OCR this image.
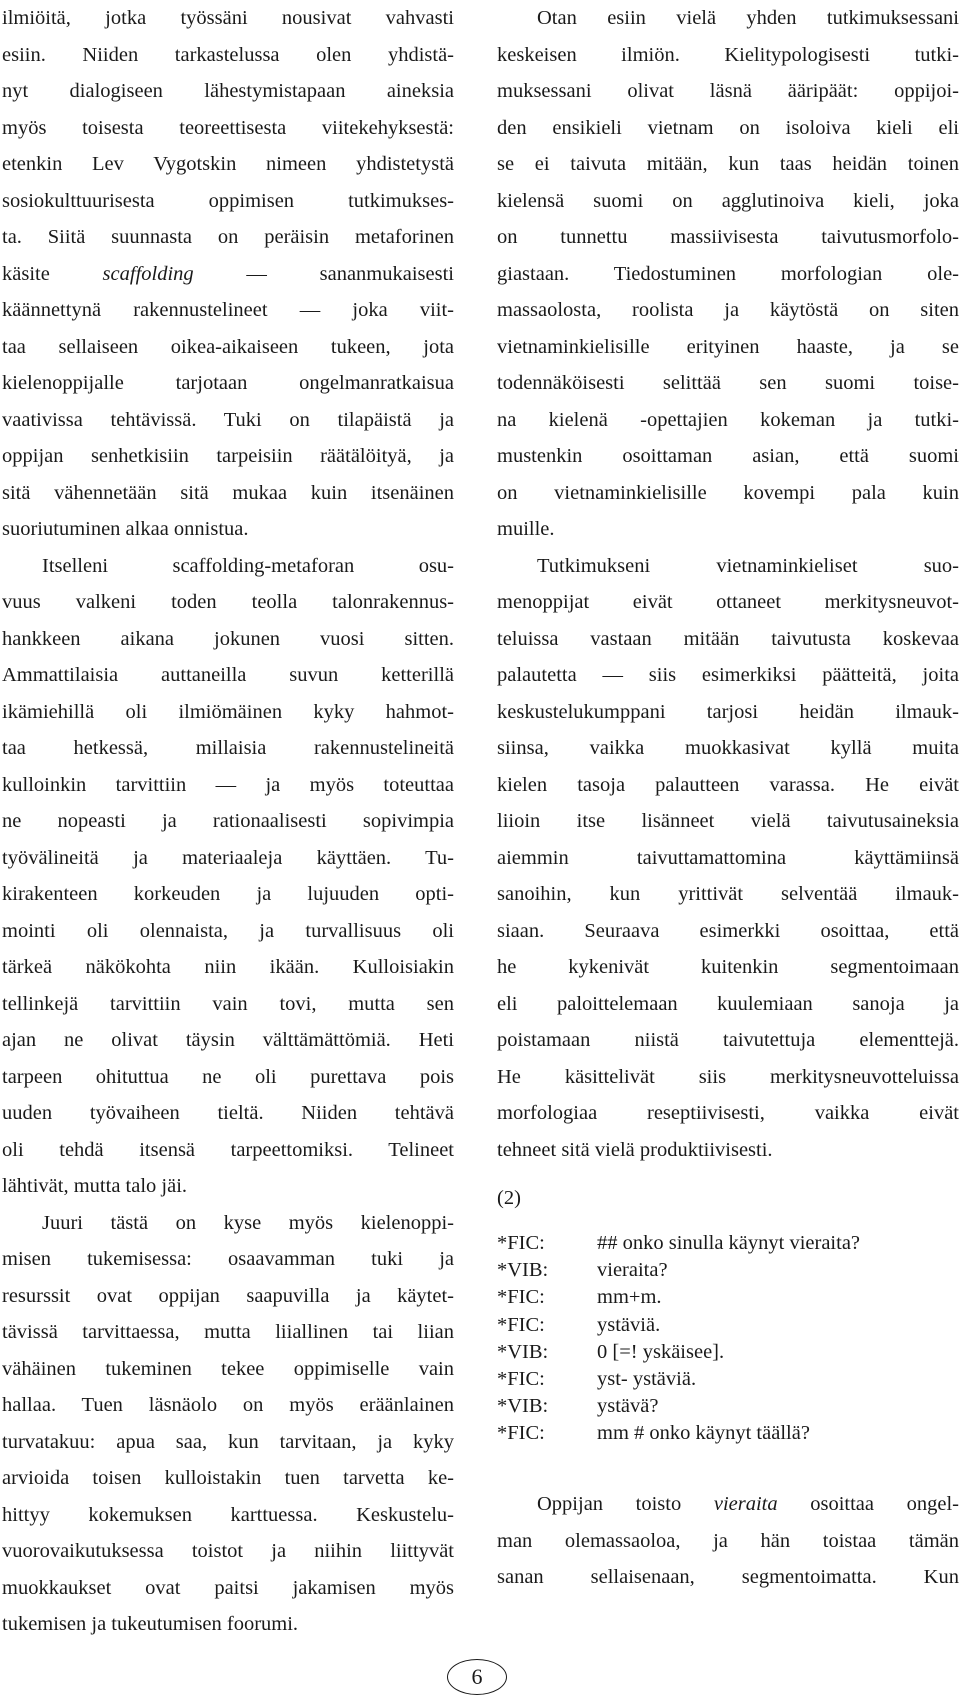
ilmiöitä, jotka työssäni nousivat vahvasti
esiin. Niiden tarkastelussa olen yhdistä-
nyt dialogiseen lähestymistapaan aineksia
myös toisesta teoreettisesta viitekehyksestä:
etenkin Lev Vygotskin nimeen yhdistetystä
sosiokulttuurisesta oppimisen tutkimukses-
ta. Siitä suunnasta on peräisin metaforinen
käsite scaffolding — sananmukaisesti
käännettynä rakennustelineet — joka viit-
taa sellaiseen oikea-aikaiseen tukeen, jota
kielenoppijalle tarjotaan ongelmanratkaisua
vaativissa tehtävissä. Tuki on tilapäistä ja
oppijan senhetkisiin tarpeisiin räätälöityä, ja
sitä vähennetään sitä mukaa kuin itsenäinen
suoriutuminen alkaa onnistua.
Itselleni scaffolding-metaforan osu-
vuus valkeni toden teolla talonrakennus-
hankkeen aikana jokunen vuosi sitten.
Ammattilaisia auttaneilla suvun ketterillä
ikämiehillä oli ilmiömäinen kyky hahmot-
taa hetkessä, millaisia rakennustelineitä
kulloinkin tarvittiin — ja myös toteuttaa
ne nopeasti ja rationaalisesti sopivimpia
työvälineitä ja materiaaleja käyttäen. Tu-
kirakenteen korkeuden ja lujuuden opti-
mointi oli olennaista, ja turvallisuus oli
tärkeä näkökohta niin ikään. Kulloisiakin
tellinkejä tarvittiin vain tovi, mutta sen
ajan ne olivat täysin välttämättömiä. Heti
tarpeen ohituttua ne oli purettava pois
uuden työvaiheen tieltä. Niiden tehtävä
oli tehdä itsensä tarpeettomiksi. Telineet
lähtivät, mutta talo jäi.
Juuri tästä on kyse myös kielenoppi-
misen tukemisessa: osaavamman tuki ja
resurssit ovat oppijan saapuvilla ja käytet-
tävissä tarvittaessa, mutta liiallinen tai liian
vähäinen tukeminen tekee oppimiselle vain
hallaa. Tuen läsnäolo on myös eräänlainen
turvatakuu: apua saa, kun tarvitaan, ja kyky
arvioida toisen kulloistakin tuen tarvetta ke-
hittyy kokemuksen karttuessa. Keskustelu-
vuorovaikutuksessa toistot ja niihin liittyvät
muokkaukset ovat paitsi jakamisen myös
tukemisen ja tukeutumisen foorumi.
Otan esiin vielä yhden tutkimuksessani
keskeisen ilmiön. Kielitypologisesti tutki-
muksessani olivat läsnä ääripäät: oppijoi-
den ensikieli vietnam on isoloiva kieli eli
se ei taivuta mitään, kun taas heidän toinen
kielensä suomi on agglutinoiva kieli, joka
on tunnettu massiivisesta taivutusmorfolo-
giastaan. Tiedostuminen morfologian ole-
massaolosta, roolista ja käytöstä on siten
vietnaminkielisille erityinen haaste, ja se
todennäköisesti selittää sen suomi toise-
na kielenä -opettajien kokeman ja tutki-
mustenkin osoittaman asian, että suomi
on vietnaminkielisille kovempi pala kuin
muille.
Tutkimukseni vietnaminkieliset suo-
menoppijat eivät ottaneet merkitysneuvot-
teluissa vastaan mitään taivutusta koskevaa
palautetta — siis esimerkiksi päätteitä, joita
keskustelukumppani tarjosi heidän ilmauk-
siinsa, vaikka muokkasivat kyllä muita
kielen tasoja palautteen varassa. He eivät
liioin itse lisänneet vielä taivutusaineksia
aiemmin taivuttamattomina käyttämiinsä
sanoihin, kun yrittivät selventää ilmauk-
siaan. Seuraava esimerkki osoittaa, että
he kykenivät kuitenkin segmentoimaan
eli paloittelemaan kuulemiaan sanoja ja
poistamaan niistä taivutettuja elementtejä.
He käsittelivät siis merkitysneuvotteluissa
morfologiaa reseptiivisesti, vaikka eivät
tehneet sitä vielä produktiivisesti.
(2)
*FIC:	## onko sinulla käynyt vieraita?
*VIB: vieraita?
*FIC:	mm+m.
*FIC:	ystäviä.
*VIB: 0 [=! yskäisee].
*FIC:	yst- ystäviä.
*VIB: ystävä?
*FIC:	mm # onko käynyt täällä?
Oppijan toisto vieraita osoittaa ongel-
man olemassaoloa, ja hän toistaa tämän
sanan sellaisenaan, segmentoimatta. Kun
6
